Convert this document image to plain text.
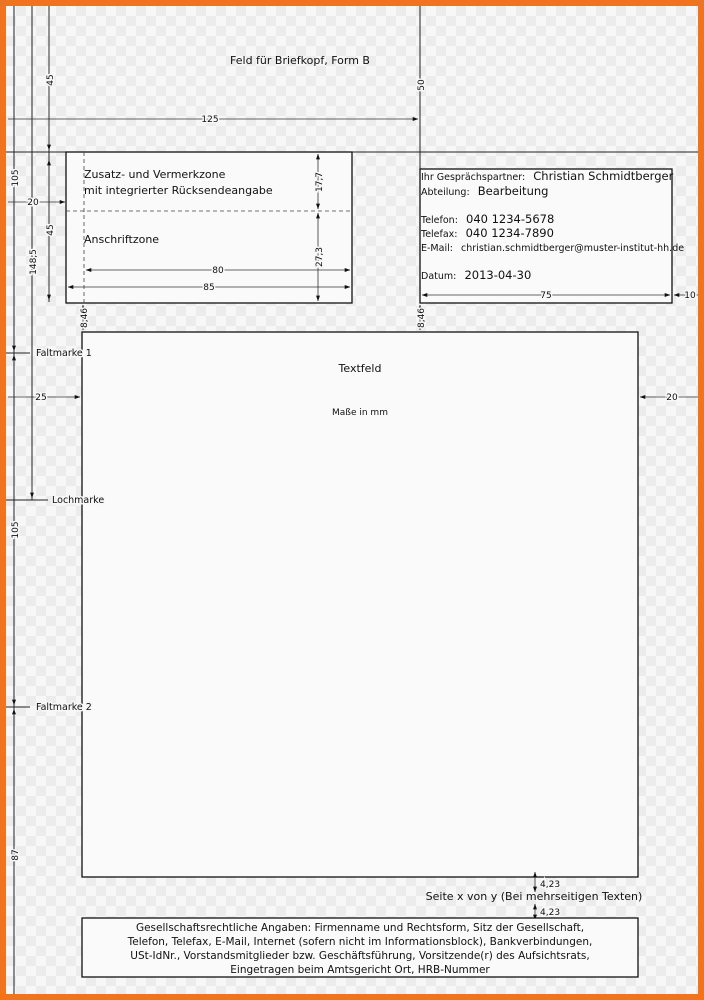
Feld für Briefkopf, Form B
45	50
125
105
20
148,5
45
Zusatz- und Vermerkzone
mit integrierter Rücksendeangabe
Anschriftzone
17,7
27,3
80
85
Ihr Gesprächspartner: Christian Schmidtberger
Abteilung: Bearbeitung
Telefon: 040 1234-5678
Telefax: 040 1234-7890
E-Mail: christian.schmidtberger@muster-institut-hh.de
Datum: 2013-04-30
75	10
8,46	8,46
Textfeld
Maße in mm
Faltmarke 1
25	20
Lochmarke
105
Faltmarke 2
87
4,23
Seite x von y (Bei mehrseitigen Texten)
4,23
Gesellschaftsrechtliche Angaben: Firmenname und Rechtsform, Sitz der Gesellschaft,
Telefon, Telefax, E-Mail, Internet (sofern nicht im Informationsblock), Bankverbindungen,
USt-IdNr., Vorstandsmitglieder bzw. Geschäftsführung, Vorsitzende(r) des Aufsichtsrats,
Eingetragen beim Amtsgericht Ort, HRB-Nummer
